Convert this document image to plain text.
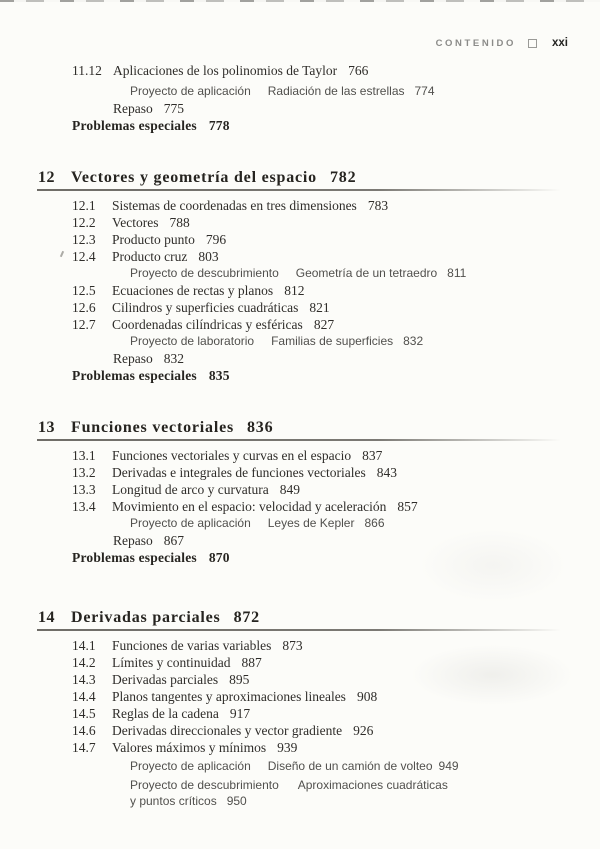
CONTENIDO	xxi
11.12 Aplicaciones de los polinomios de Taylor 766
Proyecto de aplicación Radiación de las estrellas 774
Repaso 775
Problemas especiales 778
12 Vectores y geometría del espacio 782
12.1 Sistemas de coordenadas en tres dimensiones 783
12.2 Vectores 788
12.3 Producto punto 796
12.4 Producto cruz 803
Proyecto de descubrimiento Geometría de un tetraedro 811
12.5 Ecuaciones de rectas y planos 812
12.6 Cilindros y superficies cuadráticas 821
12.7 Coordenadas cilíndricas y esféricas 827
Proyecto de laboratorio Familias de superficies 832
Repaso 832
Problemas especiales 835
13 Funciones vectoriales 836
13.1 Funciones vectoriales y curvas en el espacio 837
13.2 Derivadas e integrales de funciones vectoriales 843
13.3 Longitud de arco y curvatura 849
13.4 Movimiento en el espacio: velocidad y aceleración 857
Proyecto de aplicación Leyes de Kepler 866
Repaso 867
Problemas especiales 870
14 Derivadas parciales 872
14.1 Funciones de varias variables 873
14.2 Límites y continuidad 887
14.3 Derivadas parciales 895
14.4 Planos tangentes y aproximaciones lineales 908
14.5 Reglas de la cadena 917
14.6 Derivadas direccionales y vector gradiente 926
14.7 Valores máximos y mínimos 939
Proyecto de aplicación Diseño de un camión de volteo 949
Proyecto de descubrimiento Aproximaciones cuadráticas
y puntos críticos 950
